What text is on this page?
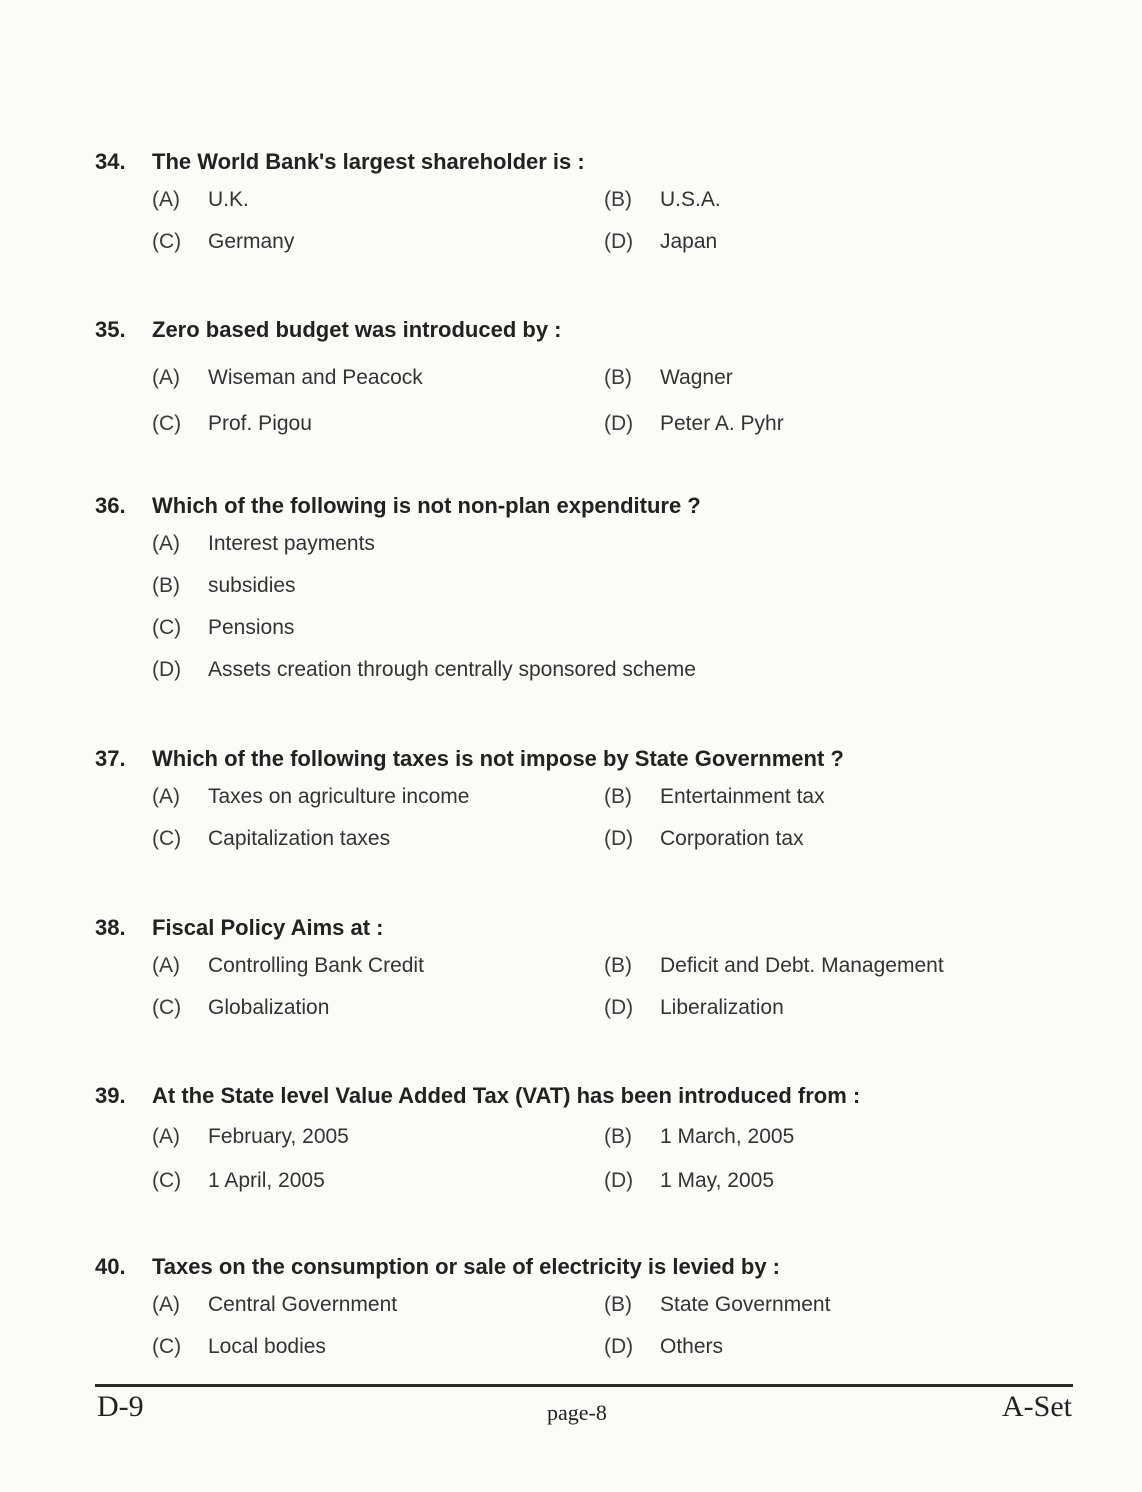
34.	The World Bank's largest shareholder is :
(A)	U.K.	(B)	U.S.A.
(C)	Germany	(D)	Japan
35.	Zero based budget was introduced by :
(A)	Wiseman and Peacock	(B)	Wagner
(C)	Prof. Pigou	(D)	Peter A. Pyhr
36.	Which of the following is not non-plan expenditure ?
(A)	Interest payments
(B)	subsidies
(C)	Pensions
(D)	Assets creation through centrally sponsored scheme
37.	Which of the following taxes is not impose by State Government ?
(A)	Taxes on agriculture income	(B)	Entertainment tax
(C)	Capitalization taxes	(D)	Corporation tax
38.	Fiscal Policy Aims at :
(A)	Controlling Bank Credit	(B)	Deficit and Debt. Management
(C)	Globalization	(D)	Liberalization
39.	At the State level Value Added Tax (VAT) has been introduced from :
(A)	February, 2005	(B)	1 March, 2005
(C)	1 April, 2005	(D)	1 May, 2005
40.	Taxes on the consumption or sale of electricity is levied by :
(A)	Central Government	(B)	State Government
(C)	Local bodies	(D)	Others
D-9	page-8	A-Set
